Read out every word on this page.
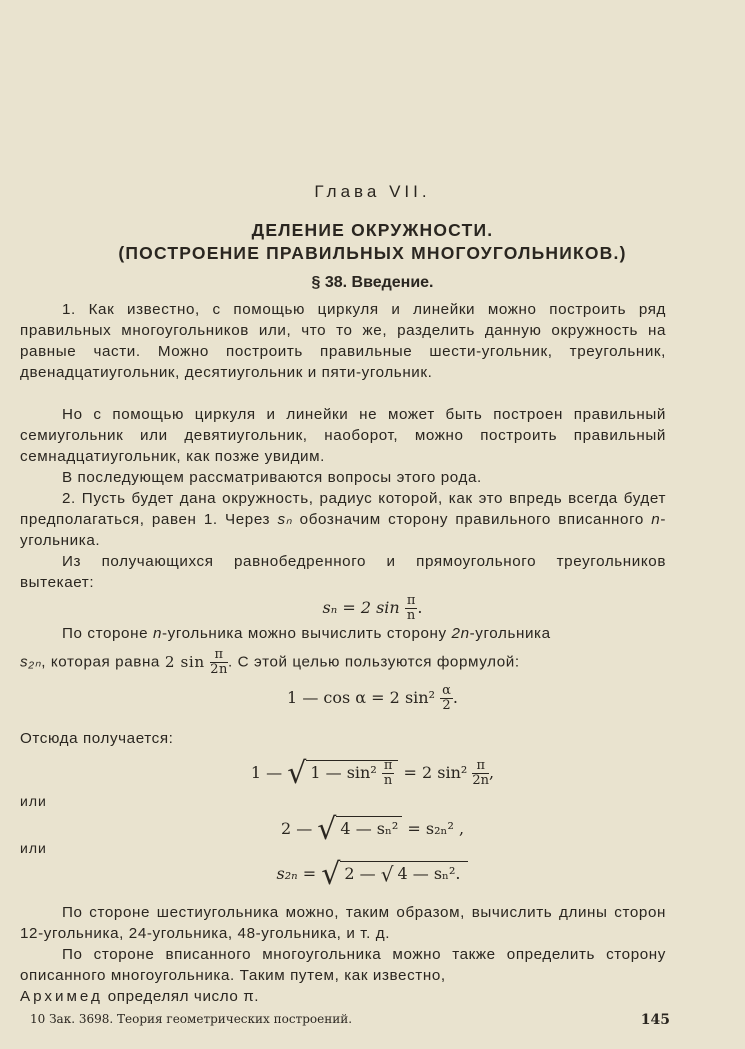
Глава VII.
ДЕЛЕНИЕ ОКРУЖНОСТИ.
(ПОСТРОЕНИЕ ПРАВИЛЬНЫХ МНОГОУГОЛЬНИКОВ.)
§ 38. Введение.
1. Как известно, с помощью циркуля и линейки можно построить ряд правильных многоугольников или, что то же, разделить данную окружность на равные части. Можно построить правильные шести-угольник, треугольник, двенадцатиугольник, десятиугольник и пяти-угольник.
Но с помощью циркуля и линейки не может быть построен правильный семиугольник или девятиугольник, наоборот, можно построить правильный семнадцатиугольник, как позже увидим.
В последующем рассматриваются вопросы этого рода.
2. Пусть будет дана окружность, радиус которой, как это впредь всегда будет предполагаться, равен 1. Через sₙ обозначим сторону правильного вписанного n-угольника.
Из получающихся равнобедренного и прямоугольного треугольников вытекает:
sₙ = 2 $\sin \frac{\pi}{n}$ .
По стороне n-угольника можно вычислить сторону 2n-угольника
s₂ₙ, которая равна 2 $\sin \frac{\pi}{2n}$ . С этой целью пользуются формулой:
1 — cos α = 2 $\sin^2 \frac{\alpha}{2}$ .
Отсюда получается:
1 — √ 1 — $\sin^2 \frac{\pi}{n} = 2$ $\sin^2 \frac{\pi}{2n}$ ,
или
2 — √ 4 — sₙ² = s₂ₙ² ,
или
s₂ₙ = √ 2 — √ 4 — sₙ².
По стороне шестиугольника можно, таким образом, вычислить длины сторон 12-угольника, 24-угольника, 48-угольника, и т. д.
По стороне вписанного многоугольника можно также определить сторону описанного многоугольника. Таким путем, как известно,
Архимед определял число π.
10 Зак. 3698. Теория геометрических построений.	145
